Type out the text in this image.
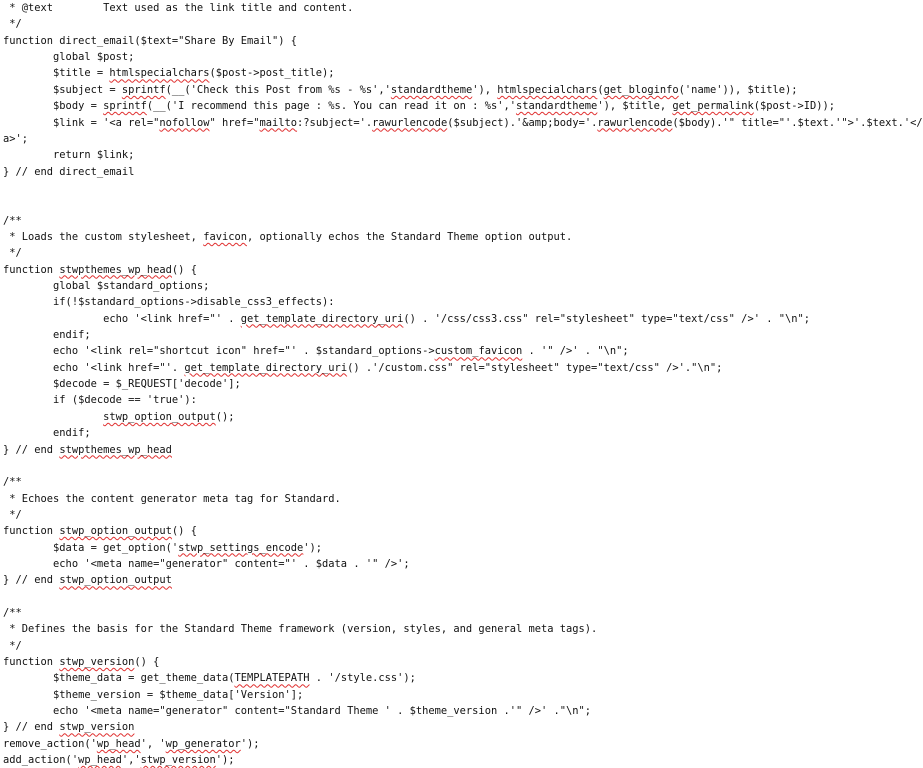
* @text        Text used as the link title and content.
*/
function direct_email($text="Share By Email") {
global $post;
$title = htmlspecialchars($post->post_title);
$subject = sprintf(__('Check this Post from %s - %s','standardtheme'), htmlspecialchars(get_bloginfo('name')), $title);
$body = sprintf(__('I recommend this page : %s. You can read it on : %s','standardtheme'), $title, get_permalink($post->ID));
$link = '<a rel="nofollow" href="mailto:?subject='.rawurlencode($subject).'&amp;body='.rawurlencode($body).'" title="'.$text.'">'.$text.'</
a>';
return $link;
} // end direct_email
/**
* Loads the custom stylesheet, favicon, optionally echos the Standard Theme option output.
*/
function stwpthemes_wp_head() {
global $standard_options;
if(!$standard_options->disable_css3_effects):
echo '<link href="' . get_template_directory_uri() . '/css/css3.css" rel="stylesheet" type="text/css" />' . "\n";
endif;
echo '<link rel="shortcut icon" href="' . $standard_options->custom_favicon . '" />' . "\n";
echo '<link href="'. get_template_directory_uri() .'/custom.css" rel="stylesheet" type="text/css" />'."\n";
$decode = $_REQUEST['decode'];
if ($decode == 'true'):
stwp_option_output();
endif;
} // end stwpthemes_wp_head
/**
* Echoes the content generator meta tag for Standard.
*/
function stwp_option_output() {
$data = get_option('stwp_settings_encode');
echo '<meta name="generator" content="' . $data . '" />';
} // end stwp_option_output
/**
* Defines the basis for the Standard Theme framework (version, styles, and general meta tags).
*/
function stwp_version() {
$theme_data = get_theme_data(TEMPLATEPATH . '/style.css');
$theme_version = $theme_data['Version'];
echo '<meta name="generator" content="Standard Theme ' . $theme_version .'" />' ."\n";
} // end stwp_version
remove_action('wp_head', 'wp_generator');
add_action('wp_head','stwp_version');
